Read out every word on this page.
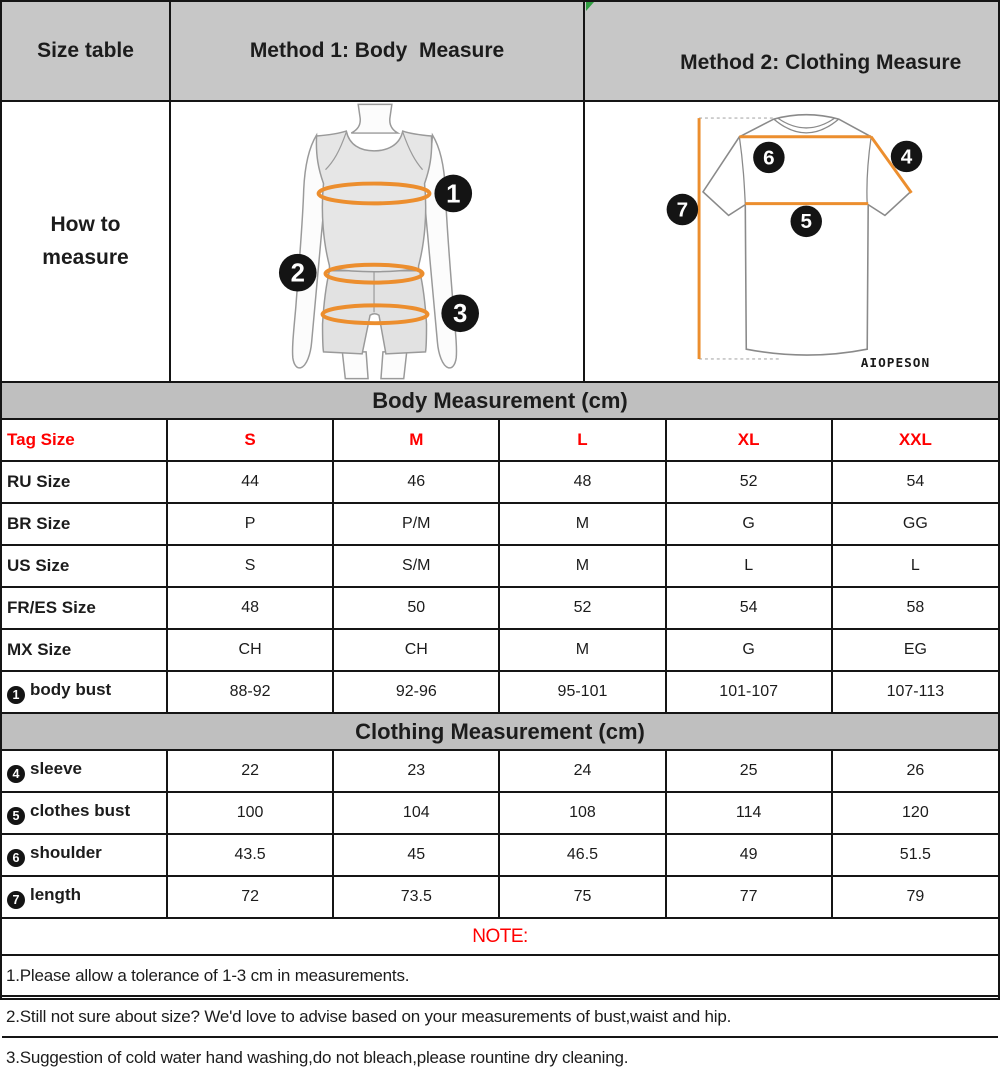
Size table	Method 1: Body  Measure	Method 2: Clothing Measure

How to measure	1
2
3	6 4
5
7
AIOPESON
Body Measurement (cm)
Tag Size	S	M	L	XL	XXL
RU Size	44	46	48	52	54
BR Size	P	P/M	M	G	GG
US Size	S	S/M	M	L	L
FR/ES Size	48	50	52	54	58
MX Size	CH	CH	M	G	EG
1 body bust	88-92	92-96	95-101	101-107	107-113
Clothing Measurement (cm)
4 sleeve	22	23	24	25	26
5 clothes bust	100	104	108	114	120
6 shoulder	43.5	45	46.5	49	51.5
7 length	72	73.5	75	77	79
NOTE:
1.Please allow a tolerance of 1-3 cm in measurements.
2.Still not sure about size? We'd love to advise based on your measurements of bust,waist and hip.
3.Suggestion of cold water hand washing,do not bleach,please rountine dry cleaning.
